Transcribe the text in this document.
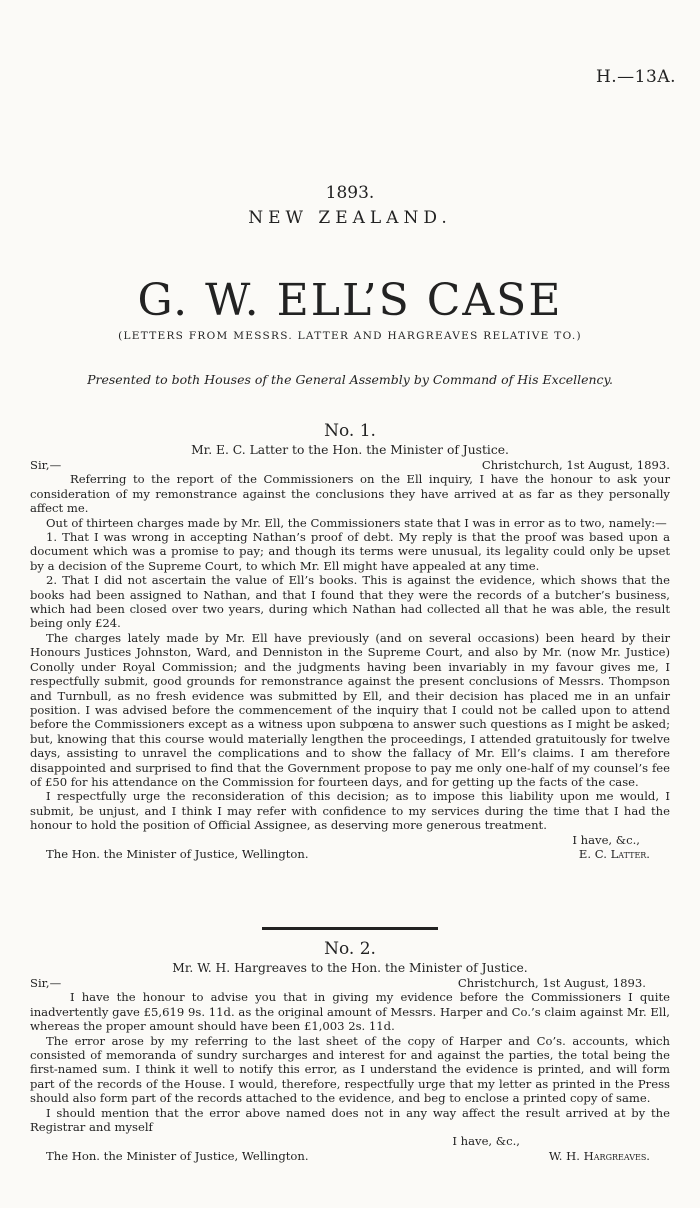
H.—13A.
1893.
NEW ZEALAND.
G. W. ELL’S CASE
(LETTERS FROM MESSRS. LATTER AND HARGREAVES RELATIVE TO.)
Presented to both Houses of the General Assembly by Command of His Excellency.
No. 1.
Mr. E. C. Latter to the Hon. the Minister of Justice.
Sir,—	Christchurch, 1st August, 1893.

Referring to the report of the Commissioners on the Ell inquiry, I have the honour to ask your consideration of my remonstrance against the conclusions they have arrived at as far as they personally affect me.

Out of thirteen charges made by Mr. Ell, the Commissioners state that I was in error as to two, namely:—

1. That I was wrong in accepting Nathan’s proof of debt. My reply is that the proof was based upon a document which was a promise to pay; and though its terms were unusual, its legality could only be upset by a decision of the Supreme Court, to which Mr. Ell might have appealed at any time.

2. That I did not ascertain the value of Ell’s books. This is against the evidence, which shows that the books had been assigned to Nathan, and that I found that they were the records of a butcher’s business, which had been closed over two years, during which Nathan had collected all that he was able, the result being only £24.

The charges lately made by Mr. Ell have previously (and on several occasions) been heard by their Honours Justices Johnston, Ward, and Denniston in the Supreme Court, and also by Mr. (now Mr. Justice) Conolly under Royal Commission; and the judgments having been invariably in my favour gives me, I respectfully submit, good grounds for remonstrance against the present conclusions of Messrs. Thompson and Turnbull, as no fresh evidence was submitted by Ell, and their decision has placed me in an unfair position. I was advised before the commencement of the inquiry that I could not be called upon to attend before the Commissioners except as a witness upon subpœna to answer such questions as I might be asked; but, knowing that this course would materially lengthen the proceedings, I attended gratuitously for twelve days, assisting to unravel the complications and to show the fallacy of Mr. Ell’s claims. I am therefore disappointed and surprised to find that the Government propose to pay me only one-half of my counsel’s fee of £50 for his attendance on the Commission for fourteen days, and for getting up the facts of the case.

I respectfully urge the reconsideration of this decision; as to impose this liability upon me would, I submit, be unjust, and I think I may refer with confidence to my services during the time that I had the honour to hold the position of Official Assignee, as deserving more generous treatment.

I have, &c.,
The Hon. the Minister of Justice, Wellington.	E. C. Latter.
No. 2.
Mr. W. H. Hargreaves to the Hon. the Minister of Justice.
Sir,—	Christchurch, 1st August, 1893.

I have the honour to advise you that in giving my evidence before the Commissioners I quite inadvertently gave £5,619 9s. 11d. as the original amount of Messrs. Harper and Co.’s claim against Mr. Ell, whereas the proper amount should have been £1,003 2s. 11d.

The error arose by my referring to the last sheet of the copy of Harper and Co’s. accounts, which consisted of memoranda of sundry surcharges and interest for and against the parties, the total being the first-named sum. I think it well to notify this error, as I understand the evidence is printed, and will form part of the records of the House. I would, therefore, respectfully urge that my letter as printed in the Press should also form part of the records attached to the evidence, and beg to enclose a printed copy of same.

I should mention that the error above named does not in any way affect the result arrived at by the Registrar and myself

I have, &c.,
The Hon. the Minister of Justice, Wellington.	W. H. Hargreaves.
